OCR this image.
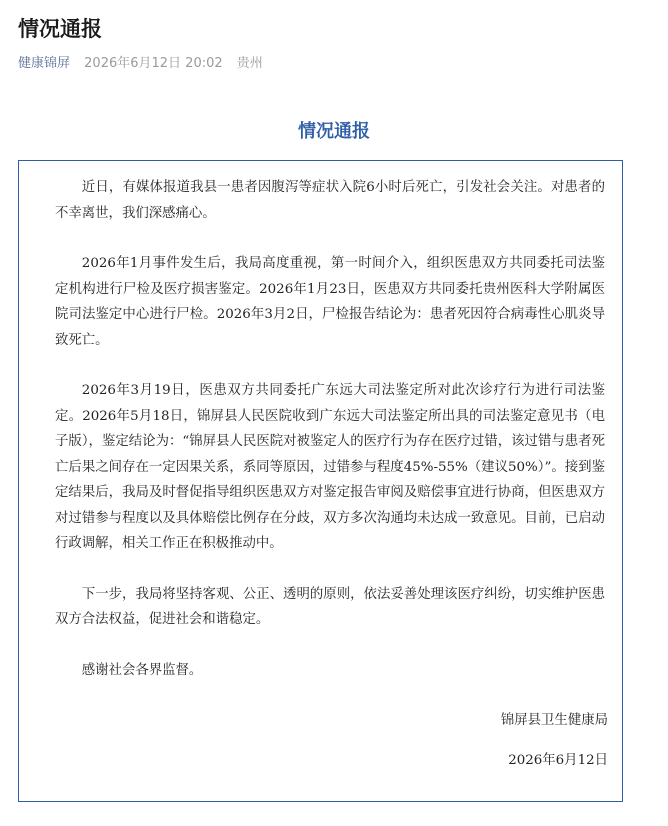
情况通报
健康锦屏 2026年6月12日 20:02 贵州
情况通报

近日，有媒体报道我县一患者因腹泻等症状入院6小时后死亡，引发社会关注。对患者的不幸离世，我们深感痛心。

2026年1月事件发生后，我局高度重视，第一时间介入，组织医患双方共同委托司法鉴定机构进行尸检及医疗损害鉴定。2026年1月23日，医患双方共同委托贵州医科大学附属医院司法鉴定中心进行尸检。2026年3月2日，尸检报告结论为：患者死因符合病毒性心肌炎导致死亡。

2026年3月19日，医患双方共同委托广东远大司法鉴定所对此次诊疗行为进行司法鉴定。2026年5月18日，锦屏县人民医院收到广东远大司法鉴定所出具的司法鉴定意见书（电子版），鉴定结论为：“锦屏县人民医院对被鉴定人的医疗行为存在医疗过错，该过错与患者死亡后果之间存在一定因果关系，系同等原因，过错参与程度45%-55%（建议50%）”。接到鉴定结果后，我局及时督促指导组织医患双方对鉴定报告审阅及赔偿事宜进行协商，但医患双方对过错参与程度以及具体赔偿比例存在分歧，双方多次沟通均未达成一致意见。目前，已启动行政调解，相关工作正在积极推动中。

下一步，我局将坚持客观、公正、透明的原则，依法妥善处理该医疗纠纷，切实维护医患双方合法权益，促进社会和谐稳定。

感谢社会各界监督。

锦屏县卫生健康局
2026年6月12日
